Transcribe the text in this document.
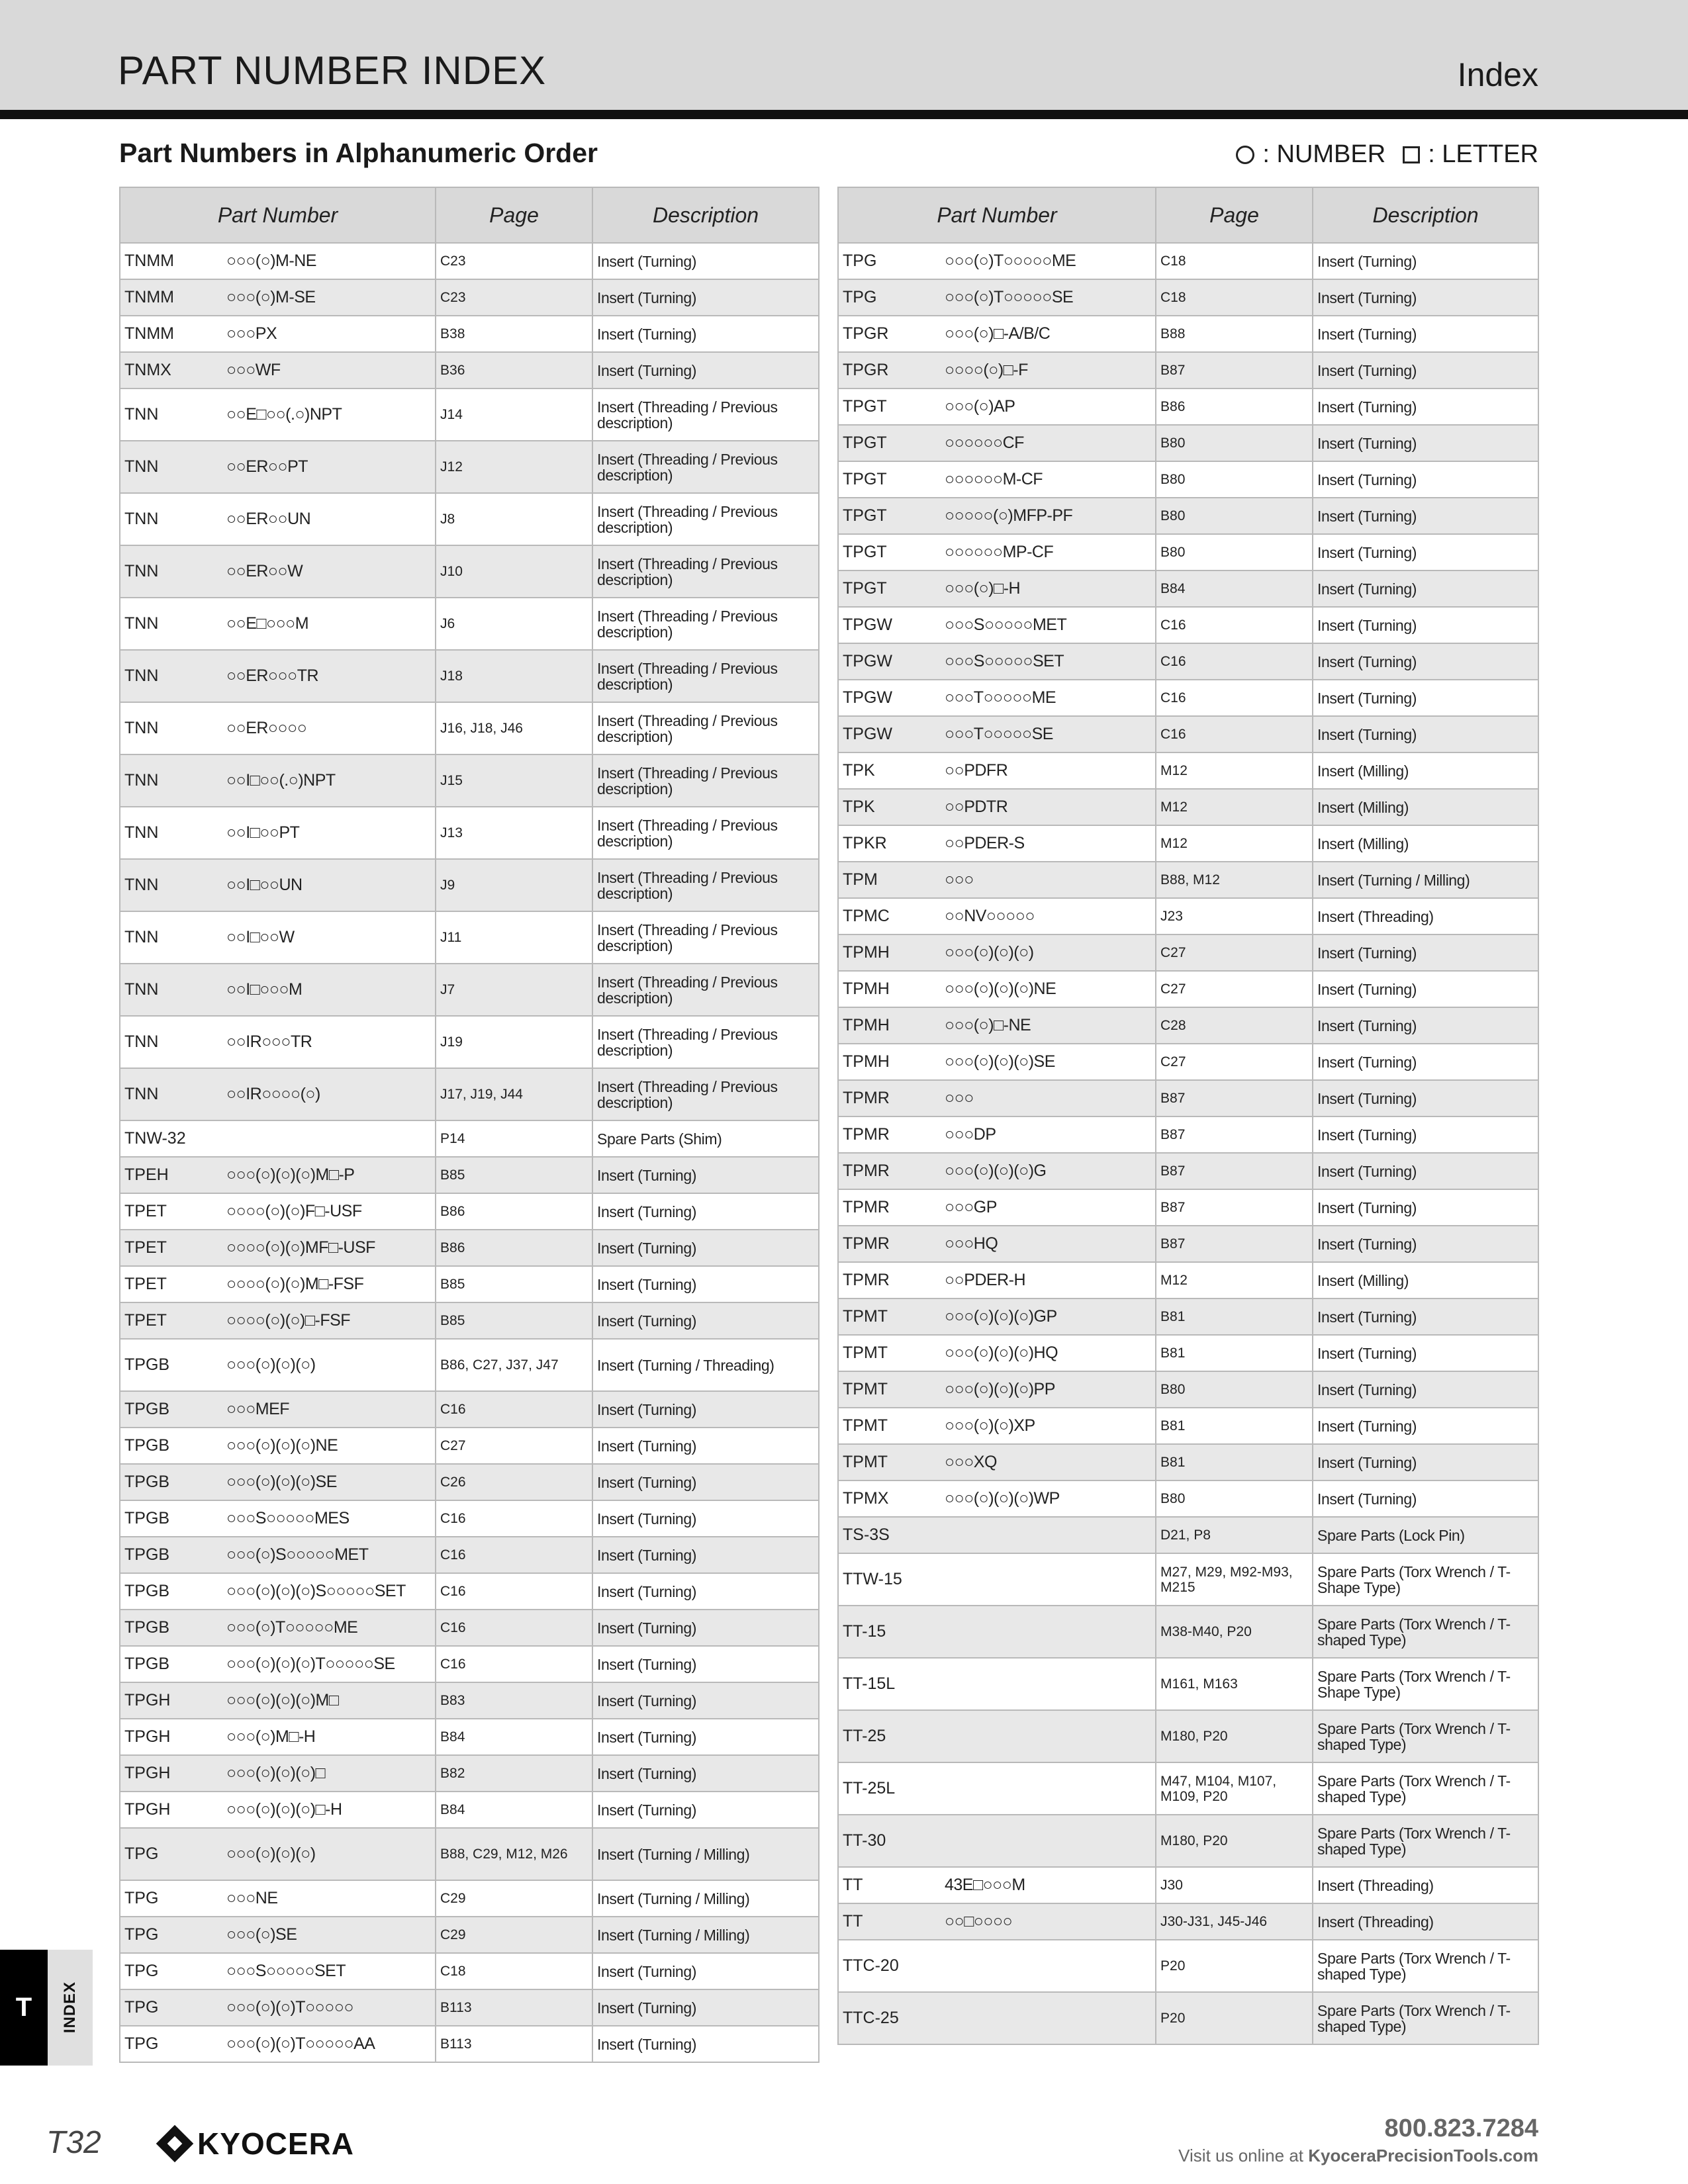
PART NUMBER INDEX	Index
Part Numbers in Alphanumeric Order	: NUMBER : LETTER
Part Number		Page	Description
TNMM	○○○(○)M-NE	C23	Insert (Turning)
TNMM	○○○(○)M-SE	C23	Insert (Turning)
TNMM	○○○PX	B38	Insert (Turning)
TNMX	○○○WF	B36	Insert (Turning)
TNN	○○E□○○(.○)NPT	J14	Insert (Threading / Previous description)
TNN	○○ER○○PT	J12	Insert (Threading / Previous description)
TNN	○○ER○○UN	J8	Insert (Threading / Previous description)
TNN	○○ER○○W	J10	Insert (Threading / Previous description)
TNN	○○E□○○○M	J6	Insert (Threading / Previous description)
TNN	○○ER○○○TR	J18	Insert (Threading / Previous description)
TNN	○○ER○○○○	J16, J18, J46	Insert (Threading / Previous description)
TNN	○○I□○○(.○)NPT	J15	Insert (Threading / Previous description)
TNN	○○I□○○PT	J13	Insert (Threading / Previous description)
TNN	○○I□○○UN	J9	Insert (Threading / Previous description)
TNN	○○I□○○W	J11	Insert (Threading / Previous description)
TNN	○○I□○○○M	J7	Insert (Threading / Previous description)
TNN	○○IR○○○TR	J19	Insert (Threading / Previous description)
TNN	○○IR○○○○(○)	J17, J19, J44	Insert (Threading / Previous description)
TNW-32		P14	Spare Parts (Shim)
TPEH	○○○(○)(○)(○)M□-P	B85	Insert (Turning)
TPET	○○○○(○)(○)F□-USF	B86	Insert (Turning)
TPET	○○○○(○)(○)MF□-USF	B86	Insert (Turning)
TPET	○○○○(○)(○)M□-FSF	B85	Insert (Turning)
TPET	○○○○(○)(○)□-FSF	B85	Insert (Turning)
TPGB	○○○(○)(○)(○)	B86, C27, J37, J47	Insert (Turning / Threading)
TPGB	○○○MEF	C16	Insert (Turning)
TPGB	○○○(○)(○)(○)NE	C27	Insert (Turning)
TPGB	○○○(○)(○)(○)SE	C26	Insert (Turning)
TPGB	○○○S○○○○○MES	C16	Insert (Turning)
TPGB	○○○(○)S○○○○○MET	C16	Insert (Turning)
TPGB	○○○(○)(○)(○)S○○○○○SET	C16	Insert (Turning)
TPGB	○○○(○)T○○○○○ME	C16	Insert (Turning)
TPGB	○○○(○)(○)(○)T○○○○○SE	C16	Insert (Turning)
TPGH	○○○(○)(○)(○)M□	B83	Insert (Turning)
TPGH	○○○(○)M□-H	B84	Insert (Turning)
TPGH	○○○(○)(○)(○)□	B82	Insert (Turning)
TPGH	○○○(○)(○)(○)□-H	B84	Insert (Turning)
TPG	○○○(○)(○)(○)	B88, C29, M12, M26	Insert (Turning / Milling)
TPG	○○○NE	C29	Insert (Turning / Milling)
TPG	○○○(○)SE	C29	Insert (Turning / Milling)
TPG	○○○S○○○○○SET	C18	Insert (Turning)
TPG	○○○(○)(○)T○○○○○	B113	Insert (Turning)
TPG	○○○(○)(○)T○○○○○AA	B113	Insert (Turning)
Part Number		Page	Description
TPG	○○○(○)T○○○○○ME	C18	Insert (Turning)
TPG	○○○(○)T○○○○○SE	C18	Insert (Turning)
TPGR	○○○(○)□-A/B/C	B88	Insert (Turning)
TPGR	○○○○(○)□-F	B87	Insert (Turning)
TPGT	○○○(○)AP	B86	Insert (Turning)
TPGT	○○○○○○CF	B80	Insert (Turning)
TPGT	○○○○○○M-CF	B80	Insert (Turning)
TPGT	○○○○○(○)MFP-PF	B80	Insert (Turning)
TPGT	○○○○○○MP-CF	B80	Insert (Turning)
TPGT	○○○(○)□-H	B84	Insert (Turning)
TPGW	○○○S○○○○○MET	C16	Insert (Turning)
TPGW	○○○S○○○○○SET	C16	Insert (Turning)
TPGW	○○○T○○○○○ME	C16	Insert (Turning)
TPGW	○○○T○○○○○SE	C16	Insert (Turning)
TPK	○○PDFR	M12	Insert (Milling)
TPK	○○PDTR	M12	Insert (Milling)
TPKR	○○PDER-S	M12	Insert (Milling)
TPM	○○○	B88, M12	Insert (Turning / Milling)
TPMC	○○NV○○○○○	J23	Insert (Threading)
TPMH	○○○(○)(○)(○)	C27	Insert (Turning)
TPMH	○○○(○)(○)(○)NE	C27	Insert (Turning)
TPMH	○○○(○)□-NE	C28	Insert (Turning)
TPMH	○○○(○)(○)(○)SE	C27	Insert (Turning)
TPMR	○○○	B87	Insert (Turning)
TPMR	○○○DP	B87	Insert (Turning)
TPMR	○○○(○)(○)(○)G	B87	Insert (Turning)
TPMR	○○○GP	B87	Insert (Turning)
TPMR	○○○HQ	B87	Insert (Turning)
TPMR	○○PDER-H	M12	Insert (Milling)
TPMT	○○○(○)(○)(○)GP	B81	Insert (Turning)
TPMT	○○○(○)(○)(○)HQ	B81	Insert (Turning)
TPMT	○○○(○)(○)(○)PP	B80	Insert (Turning)
TPMT	○○○(○)(○)XP	B81	Insert (Turning)
TPMT	○○○XQ	B81	Insert (Turning)
TPMX	○○○(○)(○)(○)WP	B80	Insert (Turning)
TS-3S		D21, P8	Spare Parts (Lock Pin)
TTW-15		M27, M29, M92-M93, M215	Spare Parts (Torx Wrench / T-Shape Type)
TT-15		M38-M40, P20	Spare Parts (Torx Wrench / T-shaped Type)
TT-15L		M161, M163	Spare Parts (Torx Wrench / T-Shape Type)
TT-25		M180, P20	Spare Parts (Torx Wrench / T-shaped Type)
TT-25L		M47, M104, M107, M109, P20	Spare Parts (Torx Wrench / T-shaped Type)
TT-30		M180, P20	Spare Parts (Torx Wrench / T-shaped Type)
TT	43E□○○○M	J30	Insert (Threading)
TT	○○□○○○○	J30-J31, J45-J46	Insert (Threading)
TTC-20		P20	Spare Parts (Torx Wrench / T-shaped Type)
TTC-25		P20	Spare Parts (Torx Wrench / T-shaped Type)
T	INDEX
T32	KYOCERA	800.823.7284
Visit us online at KyoceraPrecisionTools.com
